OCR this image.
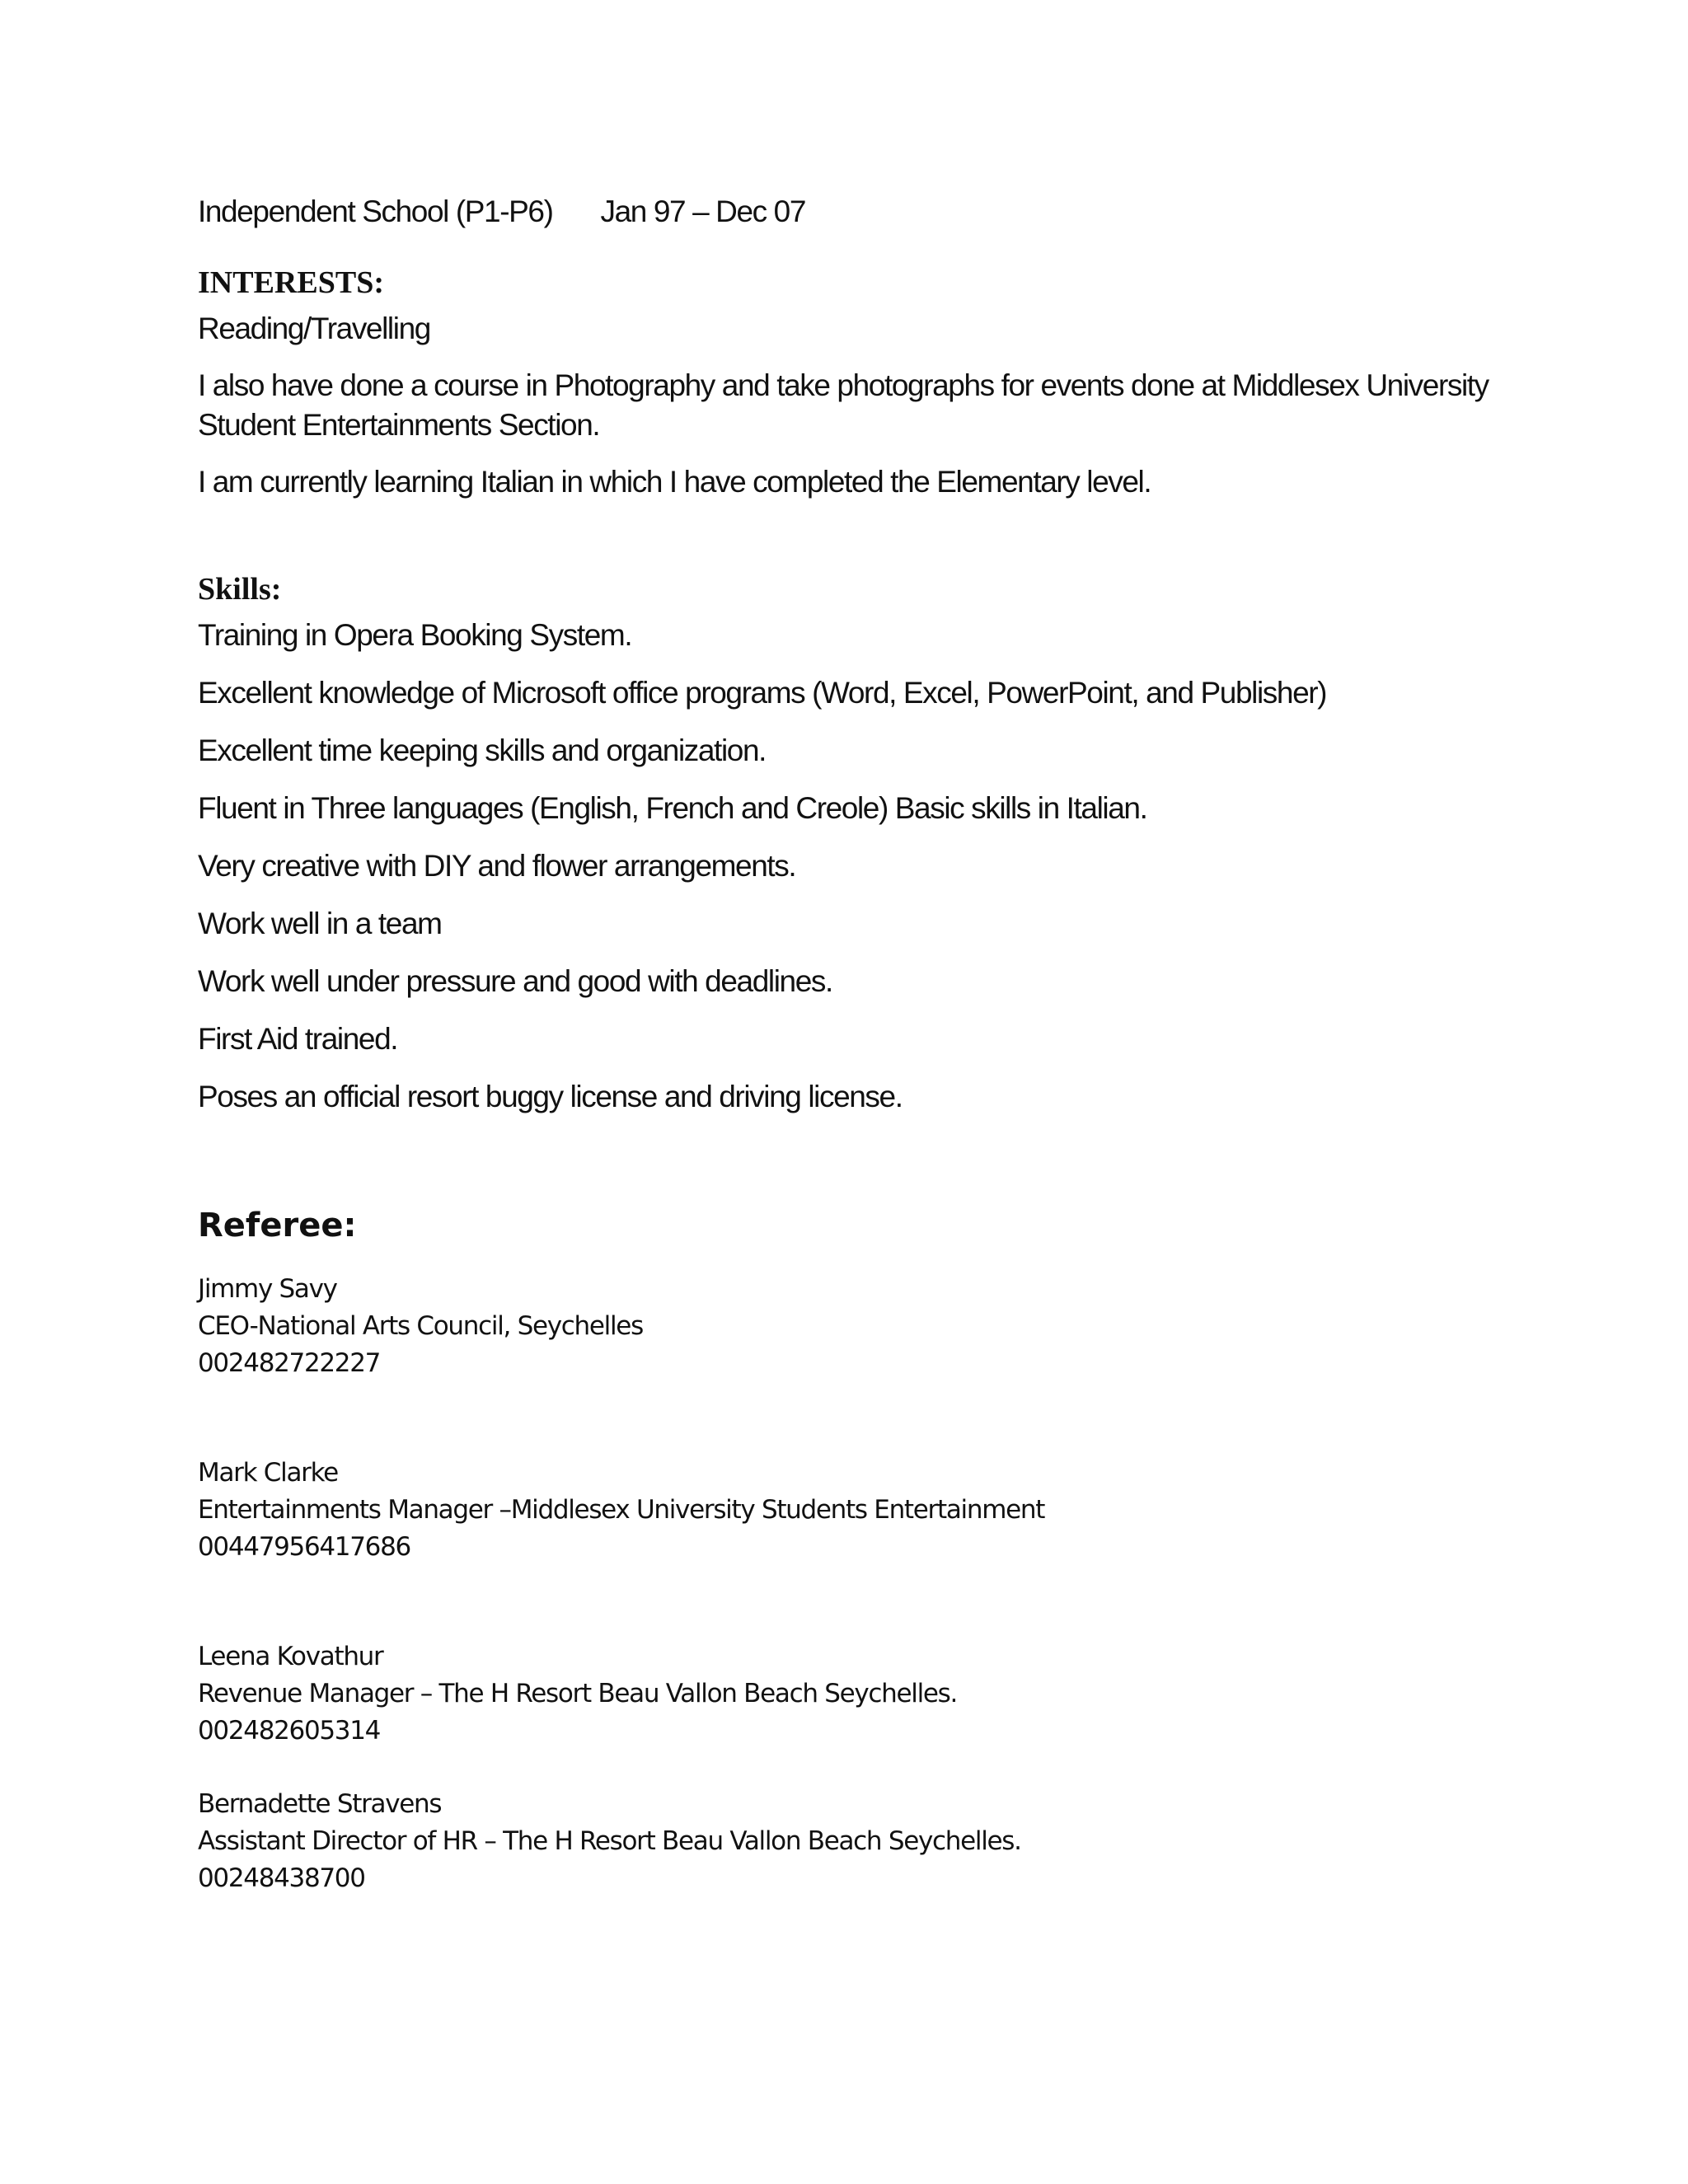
Independent School (P1-P6) Jan 97 – Dec 07
INTERESTS:

Reading/Travelling

I also have done a course in Photography and take photographs for events done at Middlesex University Student Entertainments Section.

I am currently learning Italian in which I have completed the Elementary level.

Skills:

Training in Opera Booking System.

Excellent knowledge of Microsoft office programs (Word, Excel, PowerPoint, and Publisher)

Excellent time keeping skills and organization.

Fluent in Three languages (English, French and Creole) Basic skills in Italian.

Very creative with DIY and flower arrangements.

Work well in a team

Work well under pressure and good with deadlines.

First Aid trained.

Poses an official resort buggy license and driving license.

Referee:
Jimmy Savy
CEO-National Arts Council, Seychelles
002482722227
Mark Clarke
Entertainments Manager –Middlesex University Students Entertainment
00447956417686
Leena Kovathur
Revenue Manager – The H Resort Beau Vallon Beach Seychelles.
002482605314
Bernadette Stravens
Assistant Director of HR – The H Resort Beau Vallon Beach Seychelles.
00248438700
